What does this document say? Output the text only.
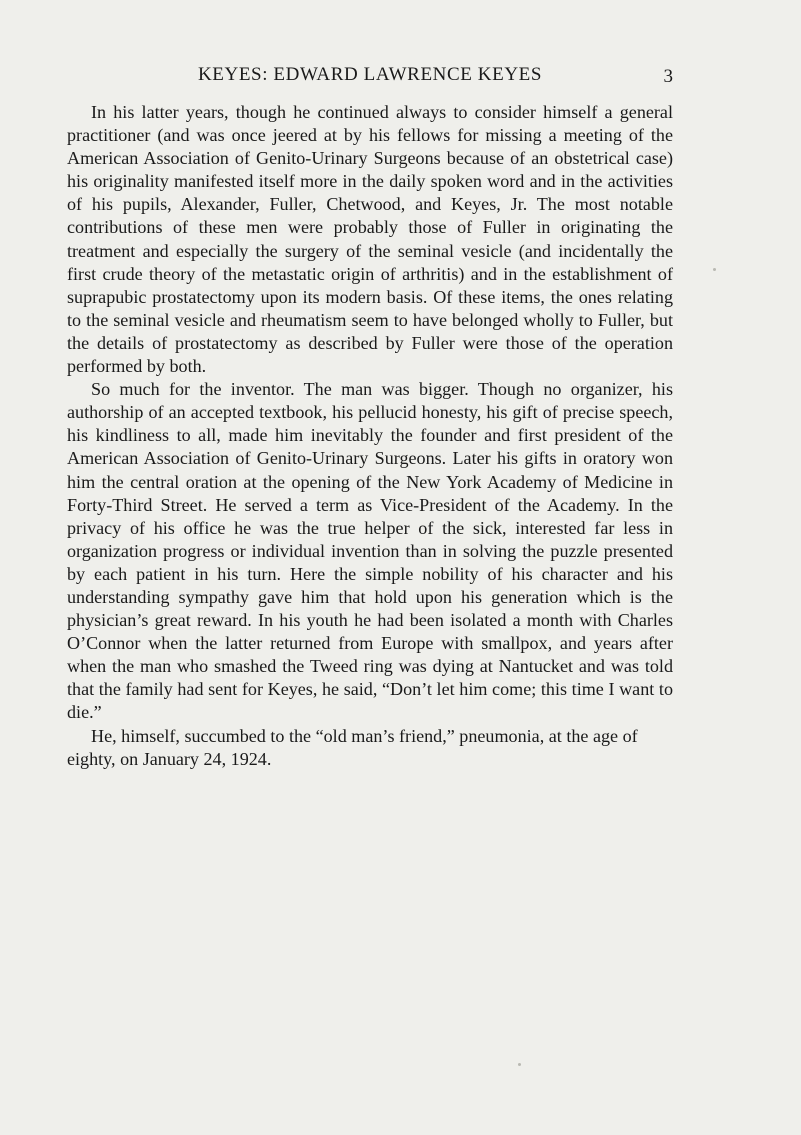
KEYES: EDWARD LAWRENCE KEYES	3

In his latter years, though he continued always to consider himself a general practitioner (and was once jeered at by his fellows for missing a meeting of the American Association of Genito-Urinary Surgeons because of an obstetrical case) his originality manifested itself more in the daily spoken word and in the activities of his pupils, Alexander, Fuller, Chetwood, and Keyes, Jr. The most notable contributions of these men were probably those of Fuller in originating the treatment and especially the surgery of the seminal vesicle (and incidentally the first crude theory of the metastatic origin of arthritis) and in the establishment of suprapubic prostatectomy upon its modern basis. Of these items, the ones relating to the seminal vesicle and rheumatism seem to have belonged wholly to Fuller, but the details of prostatectomy as described by Fuller were those of the operation performed by both.

So much for the inventor. The man was bigger. Though no organizer, his authorship of an accepted textbook, his pellucid honesty, his gift of precise speech, his kindliness to all, made him inevitably the founder and first president of the American Association of Genito-Urinary Surgeons. Later his gifts in oratory won him the central oration at the opening of the New York Academy of Medicine in Forty-Third Street. He served a term as Vice-President of the Academy. In the privacy of his office he was the true helper of the sick, interested far less in organization progress or individual invention than in solving the puzzle presented by each patient in his turn. Here the simple nobility of his character and his understanding sympathy gave him that hold upon his generation which is the physician’s great reward. In his youth he had been isolated a month with Charles O’Connor when the latter returned from Europe with smallpox, and years after when the man who smashed the Tweed ring was dying at Nantucket and was told that the family had sent for Keyes, he said, “Don’t let him come; this time I want to die.”

He, himself, succumbed to the “old man’s friend,” pneumonia, at the age of eighty, on January 24, 1924.
